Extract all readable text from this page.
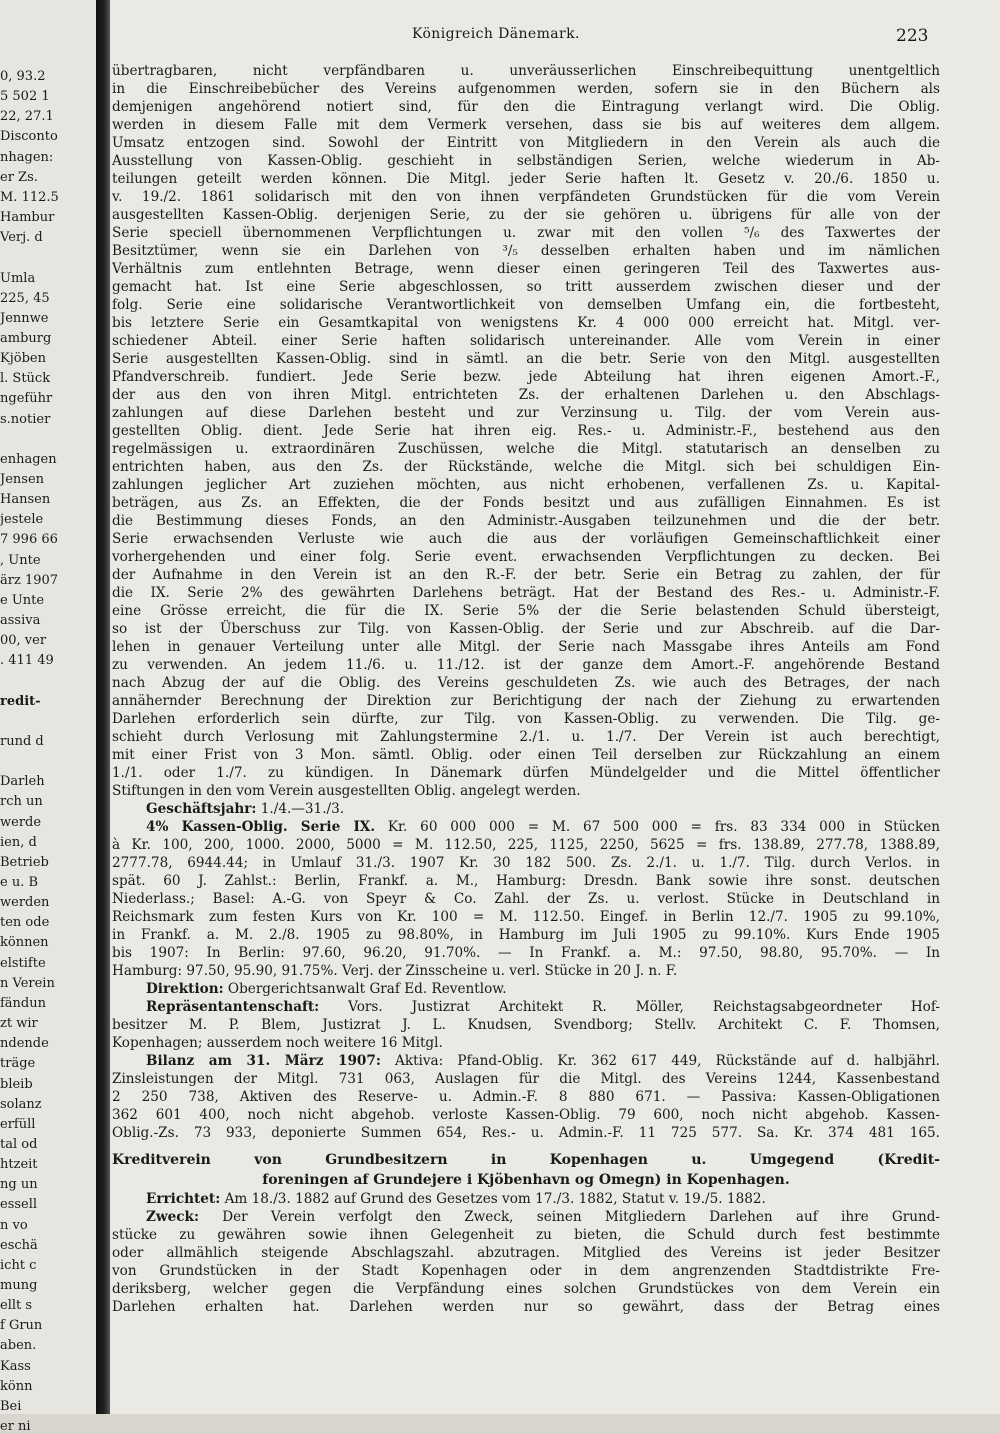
0, 93.2
5 502 1
22, 27.1
Disconto
nhagen:
er Zs.
M. 112.5
Hambur
Verj. d
Umla
225, 45
Jennwe
amburg
Kjöben
l. Stück
ngeführ
s.notier
enhagen
Jensen
Hansen
jestele
7 996 66
, Unte
ärz 1907
e Unte
assiva
00, ver
. 411 49
redit-
rund d
Darleh
rch un
werde
ien, d
Betrieb
e u. B
werden
ten ode
können
elstifte
n Verein
fändun
zt wir
ndende
träge
bleib
solanz
erfüll
tal od
htzeit
ng un
essell
n vo
eschä
icht c
mung
ellt s
f Grun
aben.
Kass
könn
Bei
er ni
Königreich Dänemark.	223
übertragbaren, nicht verpfändbaren u. unveräusserlichen Einschreibequittung unentgeltlich
in die Einschreibebücher des Vereins aufgenommen werden, sofern sie in den Büchern als
demjenigen angehörend notiert sind, für den die Eintragung verlangt wird. Die Oblig.
werden in diesem Falle mit dem Vermerk versehen, dass sie bis auf weiteres dem allgem.
Umsatz entzogen sind. Sowohl der Eintritt von Mitgliedern in den Verein als auch die
Ausstellung von Kassen-Oblig. geschieht in selbständigen Serien, welche wiederum in Ab-
teilungen geteilt werden können. Die Mitgl. jeder Serie haften lt. Gesetz v. 20./6. 1850 u.
v. 19./2. 1861 solidarisch mit den von ihnen verpfändeten Grundstücken für die vom Verein
ausgestellten Kassen-Oblig. derjenigen Serie, zu der sie gehören u. übrigens für alle von der
Serie speciell übernommenen Verpflichtungen u. zwar mit den vollen ⁵/₆ des Taxwertes der
Besitztümer, wenn sie ein Darlehen von ³/₅ desselben erhalten haben und im nämlichen
Verhältnis zum entlehnten Betrage, wenn dieser einen geringeren Teil des Taxwertes aus-
gemacht hat. Ist eine Serie abgeschlossen, so tritt ausserdem zwischen dieser und der
folg. Serie eine solidarische Verantwortlichkeit von demselben Umfang ein, die fortbesteht,
bis letztere Serie ein Gesamtkapital von wenigstens Kr. 4 000 000 erreicht hat. Mitgl. ver-
schiedener Abteil. einer Serie haften solidarisch untereinander. Alle vom Verein in einer
Serie ausgestellten Kassen-Oblig. sind in sämtl. an die betr. Serie von den Mitgl. ausgestellten
Pfandverschreib. fundiert. Jede Serie bezw. jede Abteilung hat ihren eigenen Amort.-F.,
der aus den von ihren Mitgl. entrichteten Zs. der erhaltenen Darlehen u. den Abschlags-
zahlungen auf diese Darlehen besteht und zur Verzinsung u. Tilg. der vom Verein aus-
gestellten Oblig. dient. Jede Serie hat ihren eig. Res.- u. Administr.-F., bestehend aus den
regelmässigen u. extraordinären Zuschüssen, welche die Mitgl. statutarisch an denselben zu
entrichten haben, aus den Zs. der Rückstände, welche die Mitgl. sich bei schuldigen Ein-
zahlungen jeglicher Art zuziehen möchten, aus nicht erhobenen, verfallenen Zs. u. Kapital-
beträgen, aus Zs. an Effekten, die der Fonds besitzt und aus zufälligen Einnahmen. Es ist
die Bestimmung dieses Fonds, an den Administr.-Ausgaben teilzunehmen und die der betr.
Serie erwachsenden Verluste wie auch die aus der vorläufigen Gemeinschaftlichkeit einer
vorhergehenden und einer folg. Serie event. erwachsenden Verpflichtungen zu decken. Bei
der Aufnahme in den Verein ist an den R.-F. der betr. Serie ein Betrag zu zahlen, der für
die IX. Serie 2% des gewährten Darlehens beträgt. Hat der Bestand des Res.- u. Administr.-F.
eine Grösse erreicht, die für die IX. Serie 5% der die Serie belastenden Schuld übersteigt,
so ist der Überschuss zur Tilg. von Kassen-Oblig. der Serie und zur Abschreib. auf die Dar-
lehen in genauer Verteilung unter alle Mitgl. der Serie nach Massgabe ihres Anteils am Fond
zu verwenden. An jedem 11./6. u. 11./12. ist der ganze dem Amort.-F. angehörende Bestand
nach Abzug der auf die Oblig. des Vereins geschuldeten Zs. wie auch des Betrages, der nach
annähernder Berechnung der Direktion zur Berichtigung der nach der Ziehung zu erwartenden
Darlehen erforderlich sein dürfte, zur Tilg. von Kassen-Oblig. zu verwenden. Die Tilg. ge-
schieht durch Verlosung mit Zahlungstermine 2./1. u. 1./7. Der Verein ist auch berechtigt,
mit einer Frist von 3 Mon. sämtl. Oblig. oder einen Teil derselben zur Rückzahlung an einem
1./1. oder 1./7. zu kündigen. In Dänemark dürfen Mündelgelder und die Mittel öffentlicher
Stiftungen in den vom Verein ausgestellten Oblig. angelegt werden.
Geschäftsjahr: 1./4.—31./3.
4% Kassen-Oblig. Serie IX. Kr. 60 000 000 = M. 67 500 000 = frs. 83 334 000 in Stücken
à Kr. 100, 200, 1000. 2000, 5000 = M. 112.50, 225, 1125, 2250, 5625 = frs. 138.89, 277.78, 1388.89,
2777.78, 6944.44; in Umlauf 31./3. 1907 Kr. 30 182 500. Zs. 2./1. u. 1./7. Tilg. durch Verlos. in
spät. 60 J. Zahlst.: Berlin, Frankf. a. M., Hamburg: Dresdn. Bank sowie ihre sonst. deutschen
Niederlass.; Basel: A.-G. von Speyr & Co. Zahl. der Zs. u. verlost. Stücke in Deutschland in
Reichsmark zum festen Kurs von Kr. 100 = M. 112.50. Eingef. in Berlin 12./7. 1905 zu 99.10%,
in Frankf. a. M. 2./8. 1905 zu 98.80%, in Hamburg im Juli 1905 zu 99.10%. Kurs Ende 1905
bis 1907: In Berlin: 97.60, 96.20, 91.70%. — In Frankf. a. M.: 97.50, 98.80, 95.70%. — In
Hamburg: 97.50, 95.90, 91.75%. Verj. der Zinsscheine u. verl. Stücke in 20 J. n. F.
Direktion: Obergerichtsanwalt Graf Ed. Reventlow.
Repräsentantenschaft: Vors. Justizrat Architekt R. Möller, Reichstagsabgeordneter Hof-
besitzer M. P. Blem, Justizrat J. L. Knudsen, Svendborg; Stellv. Architekt C. F. Thomsen,
Kopenhagen; ausserdem noch weitere 16 Mitgl.
Bilanz am 31. März 1907: Aktiva: Pfand-Oblig. Kr. 362 617 449, Rückstände auf d. halbjährl.
Zinsleistungen der Mitgl. 731 063, Auslagen für die Mitgl. des Vereins 1244, Kassenbestand
2 250 738, Aktiven des Reserve- u. Admin.-F. 8 880 671. — Passiva: Kassen-Obligationen
362 601 400, noch nicht abgehob. verloste Kassen-Oblig. 79 600, noch nicht abgehob. Kassen-
Oblig.-Zs. 73 933, deponierte Summen 654, Res.- u. Admin.-F. 11 725 577. Sa. Kr. 374 481 165.
Kreditverein von Grundbesitzern in Kopenhagen u. Umgegend (Kredit-
foreningen af Grundejere i Kjöbenhavn og Omegn) in Kopenhagen.
Errichtet: Am 18./3. 1882 auf Grund des Gesetzes vom 17./3. 1882, Statut v. 19./5. 1882.
Zweck: Der Verein verfolgt den Zweck, seinen Mitgliedern Darlehen auf ihre Grund-
stücke zu gewähren sowie ihnen Gelegenheit zu bieten, die Schuld durch fest bestimmte
oder allmählich steigende Abschlagszahl. abzutragen. Mitglied des Vereins ist jeder Besitzer
von Grundstücken in der Stadt Kopenhagen oder in dem angrenzenden Stadtdistrikte Fre-
deriksberg, welcher gegen die Verpfändung eines solchen Grundstückes von dem Verein ein
Darlehen erhalten hat. Darlehen werden nur so gewährt, dass der Betrag eines
